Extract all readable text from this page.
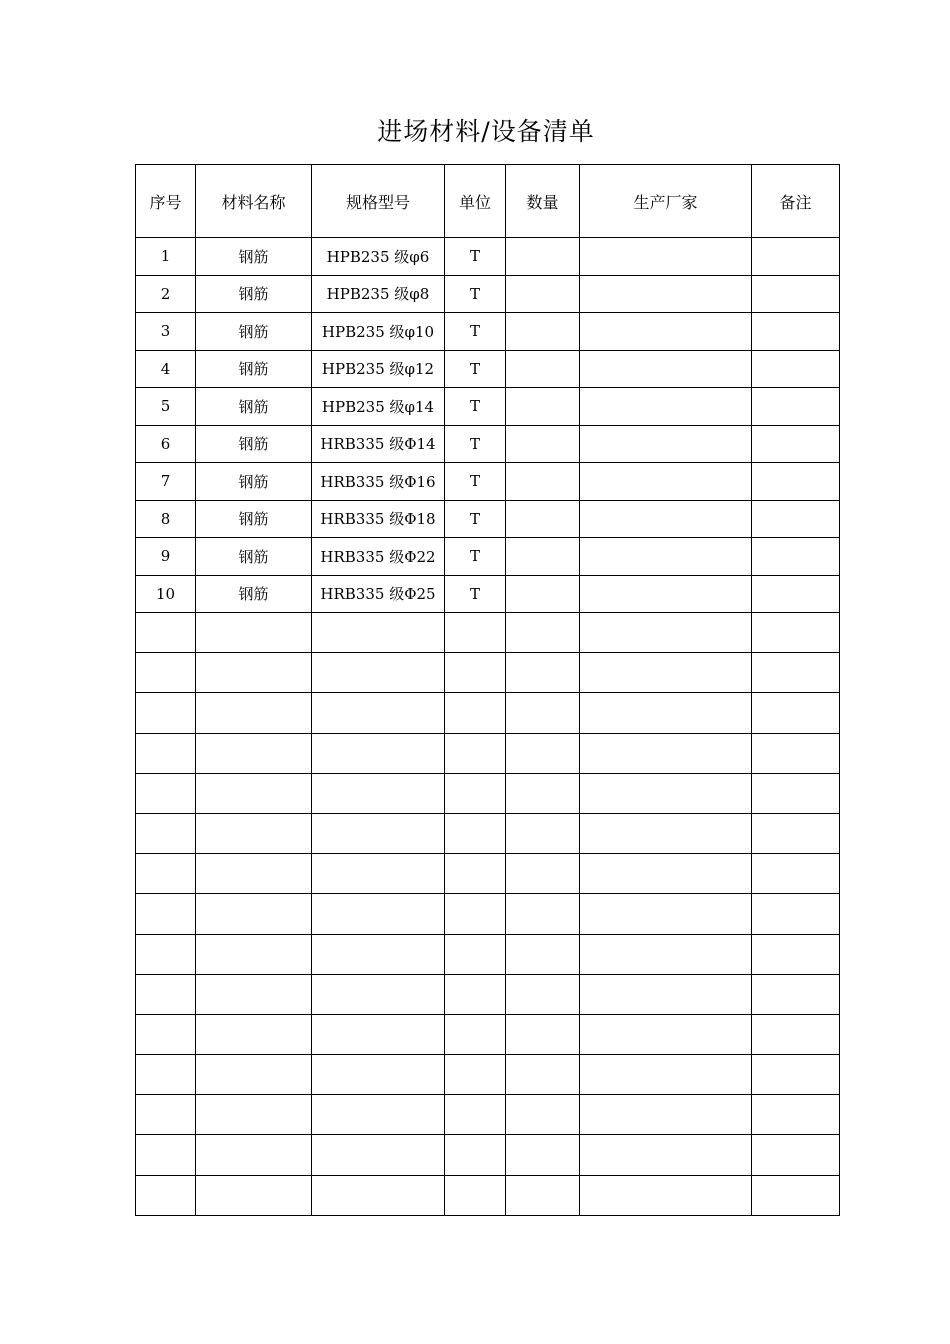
进场材料/设备清单
序号	材料名称	规格型号	单位	数量	生产厂家	备注
1	钢筋	HPB235 级φ6	T			
2	钢筋	HPB235 级φ8	T			
3	钢筋	HPB235 级φ10	T			
4	钢筋	HPB235 级φ12	T			
5	钢筋	HPB235 级φ14	T			
6	钢筋	HRB335 级Φ14	T			
7	钢筋	HRB335 级Φ16	T			
8	钢筋	HRB335 级Φ18	T			
9	钢筋	HRB335 级Φ22	T			
10	钢筋	HRB335 级Φ25	T			
